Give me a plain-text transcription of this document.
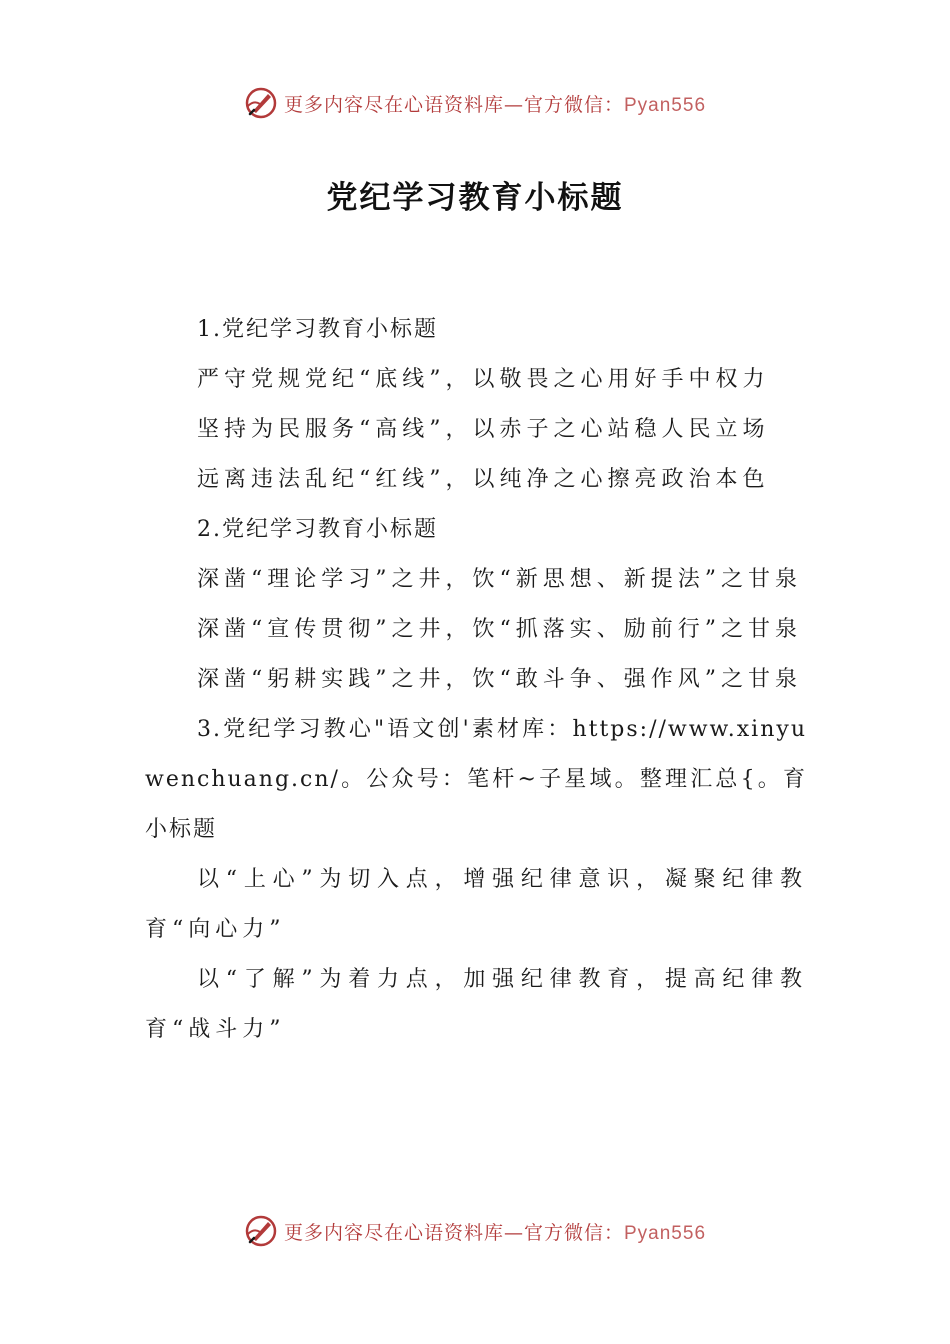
更多内容尽在心语资料库—官方微信：Pyan556
党纪学习教育小标题

1.党纪学习教育小标题

严守党规党纪“底线”，以敬畏之心用好手中权力

坚持为民服务“高线”，以赤子之心站稳人民立场

远离违法乱纪“红线”，以纯净之心擦亮政治本色

2.党纪学习教育小标题

深凿“理论学习”之井，饮“新思想、新提法”之甘泉

深凿“宣传贯彻”之井，饮“抓落实、励前行”之甘泉

深凿“躬耕实践”之井，饮“敢斗争、强作风”之甘泉

3.党纪学习教心"语文创'素材库：https://www.xinyuwenchuang.cn/。公众号：笔杆~子星域。整理汇总{。育小标题

以“上心”为切入点，增强纪律意识，凝聚纪律教育“向心力”

以“了解”为着力点，加强纪律教育，提高纪律教育“战斗力”

更多内容尽在心语资料库—官方微信：Pyan556
